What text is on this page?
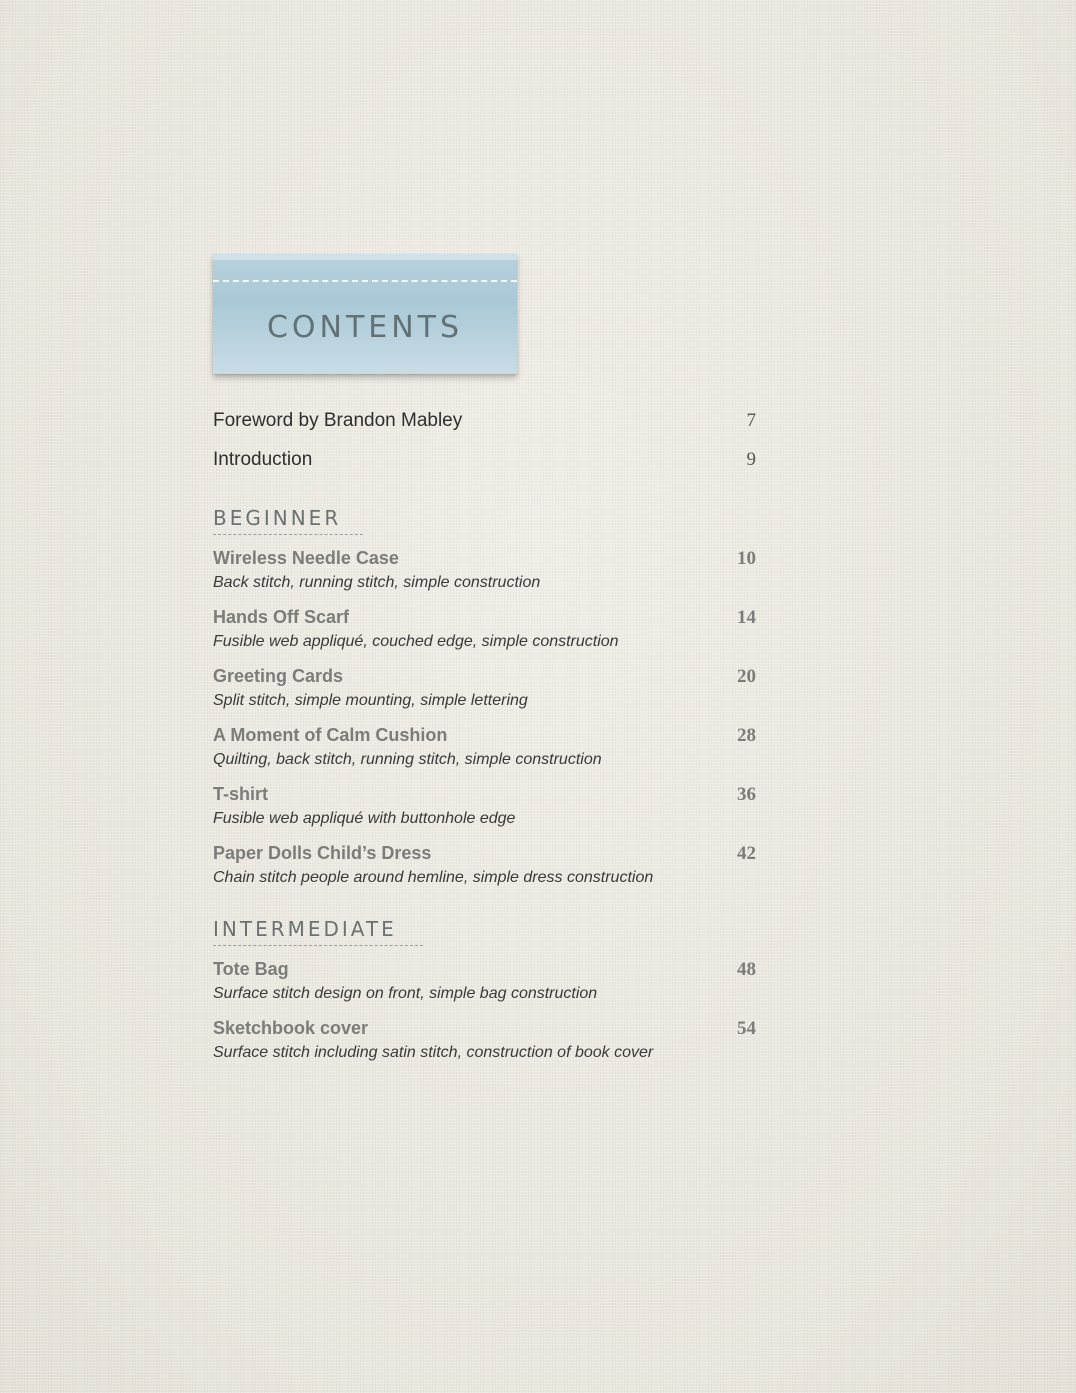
CONTENTS
Foreword by Brandon Mabley	7
Introduction	9
BEGINNER
Wireless Needle Case	10
Back stitch, running stitch, simple construction
Hands Off Scarf	14
Fusible web appliqué, couched edge, simple construction
Greeting Cards	20
Split stitch, simple mounting, simple lettering
A Moment of Calm Cushion	28
Quilting, back stitch, running stitch, simple construction
T-shirt	36
Fusible web appliqué with buttonhole edge
Paper Dolls Child’s Dress	42
Chain stitch people around hemline, simple dress construction
INTERMEDIATE
Tote Bag	48
Surface stitch design on front, simple bag construction
Sketchbook cover	54
Surface stitch including satin stitch, construction of book cover
